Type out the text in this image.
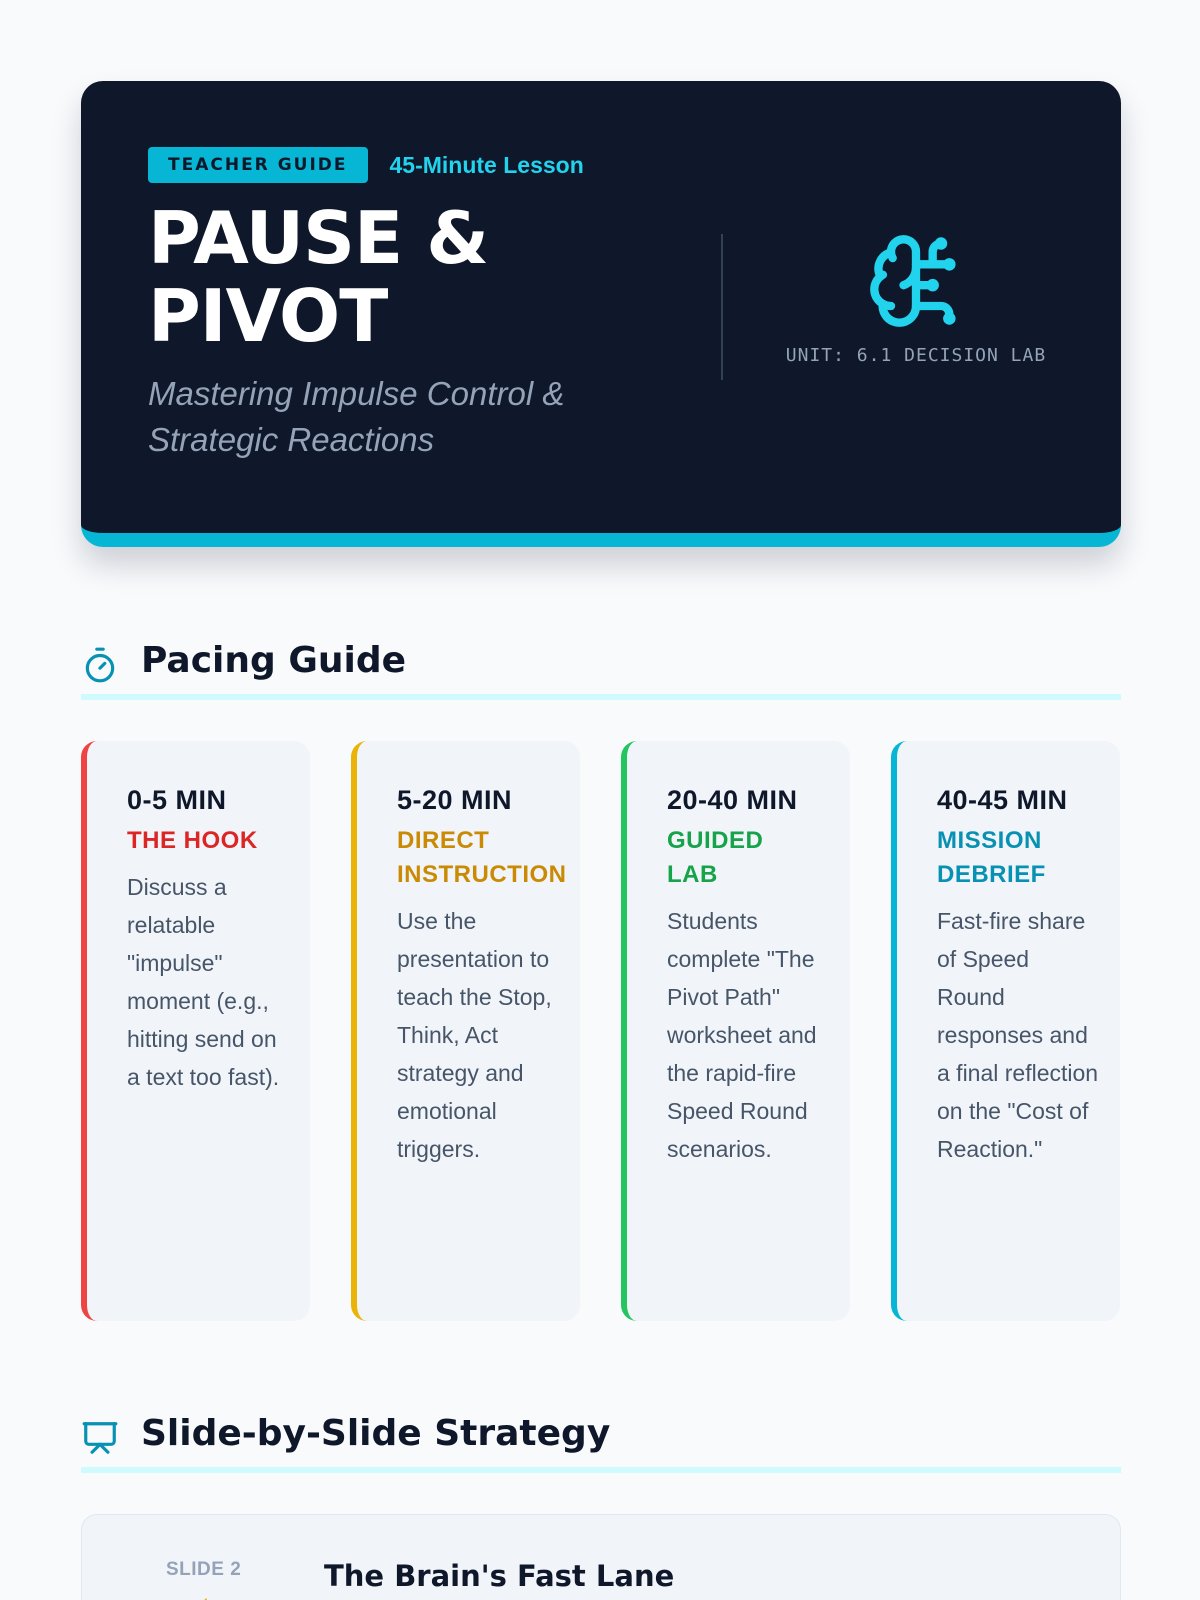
TEACHER GUIDE	45-Minute Lesson
PAUSE &
PIVOT

Mastering Impulse Control & Strategic Reactions

UNIT: 6.1 DECISION LAB
Pacing Guide
0-5 MIN
THE HOOK

Discuss a relatable "impulse" moment (e.g., hitting send on a text too fast).

5-20 MIN
DIRECT INSTRUCTION

Use the presentation to teach the Stop, Think, Act strategy and emotional triggers.

20-40 MIN
GUIDED LAB

Students complete "The Pivot Path" worksheet and the rapid-fire Speed Round scenarios.

40-45 MIN
MISSION DEBRIEF

Fast-fire share of Speed Round responses and a final reflection on the "Cost of Reaction."

Slide-by-Slide Strategy
SLIDE 2	The Brain's Fast Lane
